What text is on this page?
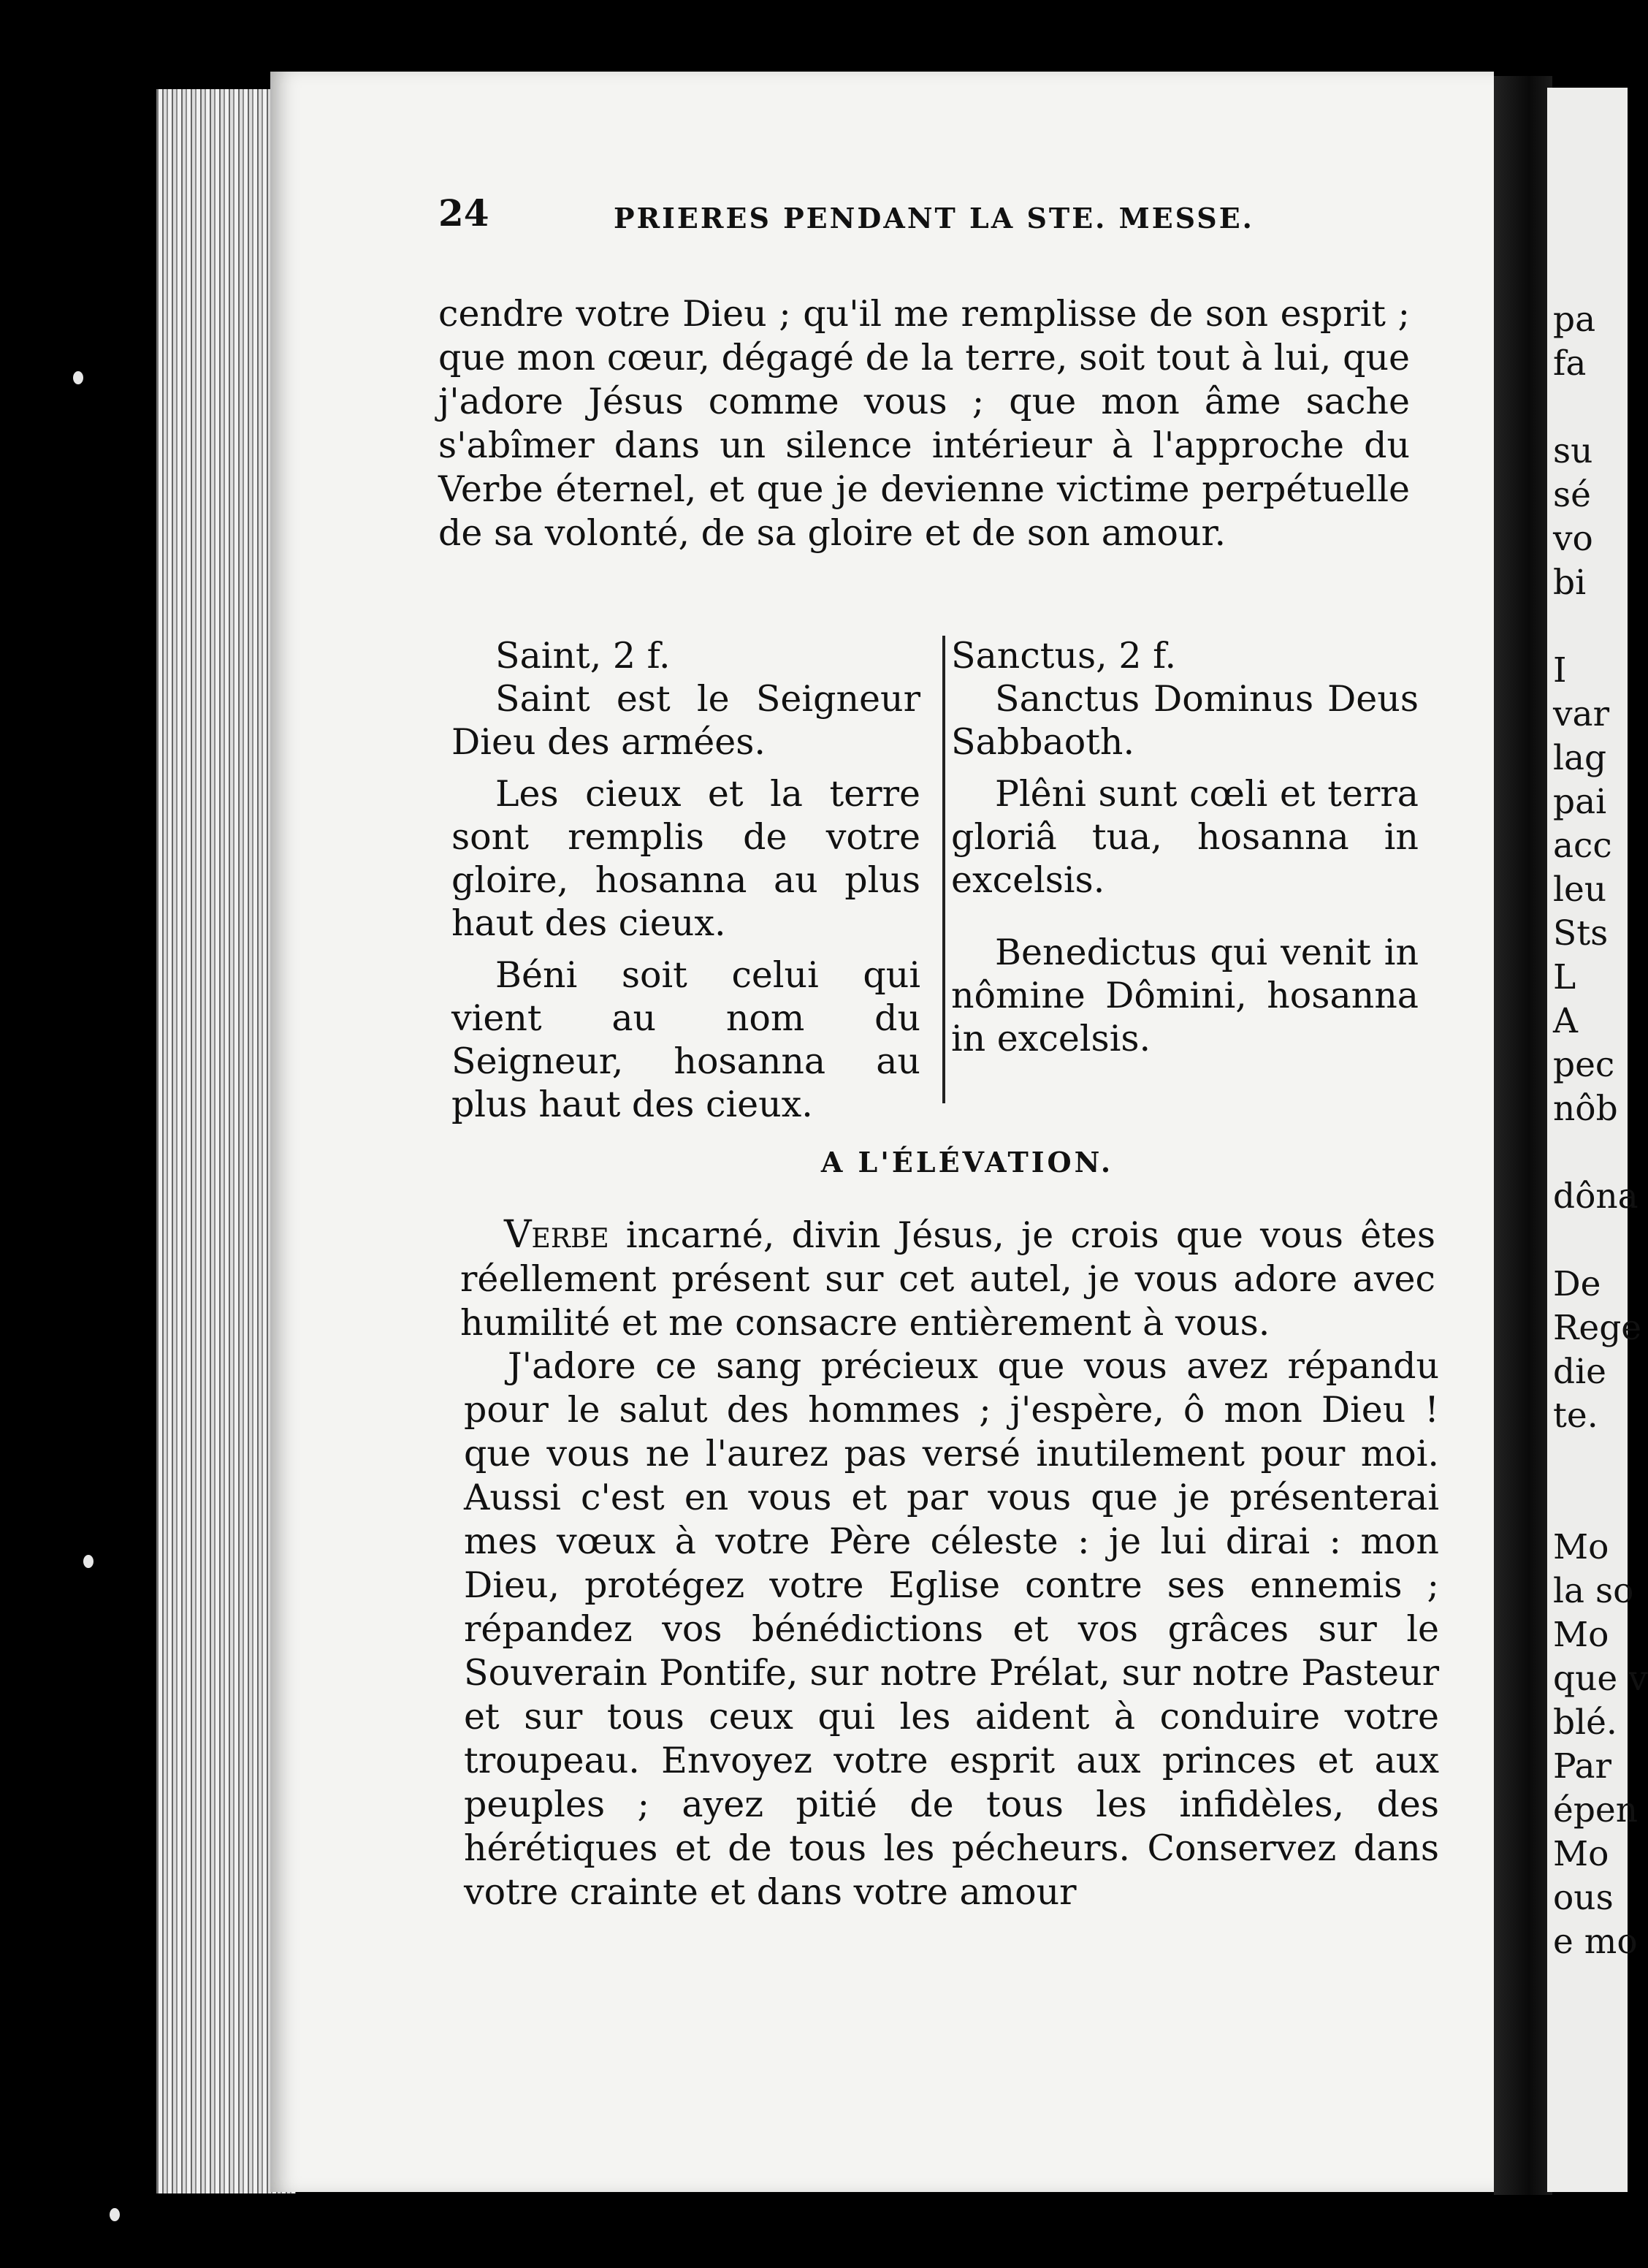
pa
fa
su
sé
vo
bi
I
var
lag
pai
acc
leu
Sts
L
A
pec
nôb
dôna
De
Rege
die
te.
Mo
la so
Mo
que v
blé.
Par
épen
Mo
ous
e mo
24	PRIERES PENDANT LA STE. MESSE.

cendre votre Dieu ; qu'il me remplisse de son esprit ; que mon cœur, dégagé de la terre, soit tout à lui, que j'adore Jésus comme vous ; que mon âme sache s'abîmer dans un silence intérieur à l'approche du Verbe éternel, et que je devienne victime perpétuelle de sa volonté, de sa gloire et de son amour.

Saint, 2 f.

Saint est le Seigneur Dieu des armées.

Les cieux et la terre sont remplis de votre gloire, hosanna au plus haut des cieux.

Béni soit celui qui vient au nom du Seigneur, hosanna au plus haut des cieux.

Sanctus, 2 f.

Sanctus Dominus Deus Sabbaoth.

Plêni sunt cœli et terra gloriâ tua, hosanna in excelsis.

Benedictus qui venit in nômine Dômini, hosanna in excelsis.

A L'ÉLÉVATION.

Verbe incarné, divin Jésus, je crois que vous êtes réellement présent sur cet autel, je vous adore avec humilité et me consacre entièrement à vous.

J'adore ce sang précieux que vous avez répandu pour le salut des hommes ; j'espère, ô mon Dieu ! que vous ne l'aurez pas versé inutilement pour moi. Aussi c'est en vous et par vous que je présenterai mes vœux à votre Père céleste : je lui dirai : mon Dieu, protégez votre Eglise contre ses ennemis ; répandez vos bénédictions et vos grâces sur le Souverain Pontife, sur notre Prélat, sur notre Pasteur et sur tous ceux qui les aident à conduire votre troupeau. Envoyez votre esprit aux princes et aux peuples ; ayez pitié de tous les infidèles, des hérétiques et de tous les pécheurs. Conservez dans votre crainte et dans votre amour
